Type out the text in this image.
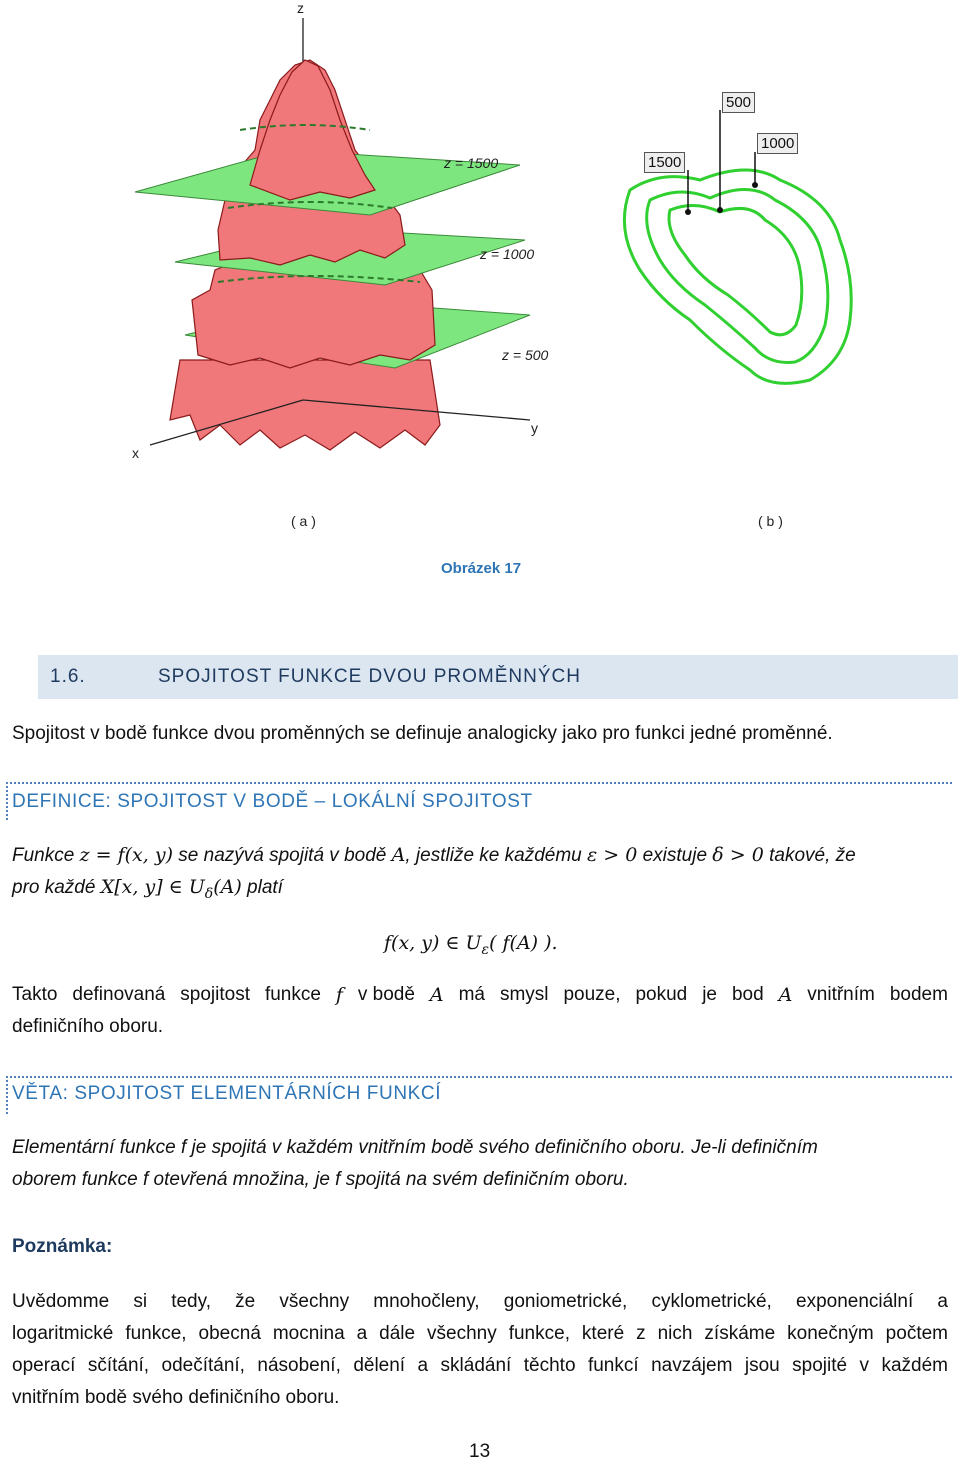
z
x
y
z = 1500
z = 1000
z = 500
500
1500
1000
( a )	( b )
Obrázek 17
1.6.	SPOJITOST FUNKCE DVOU PROMĚNNÝCH
Spojitost v bodě funkce dvou proměnných se definuje analogicky jako pro funkci jedné proměnné.
DEFINICE: SPOJITOST V BODĚ – LOKÁLNÍ SPOJITOST
Funkce z = f(x, y) se nazývá spojitá v bodě A, jestliže ke každému ε > 0 existuje δ > 0 takové, že
pro každé X[x, y] ∈ $U_\delta(A)$ platí
f(x, y) ∈ $U_\varepsilon$( f(A) ).
Takto definovaná spojitost funkce f v bodě A má smysl pouze, pokud je bod A vnitřním bodem
definičního oboru.
VĚTA: SPOJITOST ELEMENTÁRNÍCH FUNKCÍ
Elementární funkce f je spojitá v každém vnitřním bodě svého definičního oboru. Je-li definičním
oborem funkce f otevřená množina, je f spojitá na svém definičním oboru.
Poznámka:
Uvědomme si tedy, že všechny mnohočleny, goniometrické, cyklometrické, exponenciální a
logaritmické funkce, obecná mocnina a dále všechny funkce, které z nich získáme konečným počtem
operací sčítání, odečítání, násobení, dělení a skládání těchto funkcí navzájem jsou spojité v každém
vnitřním bodě svého definičního oboru.
13
